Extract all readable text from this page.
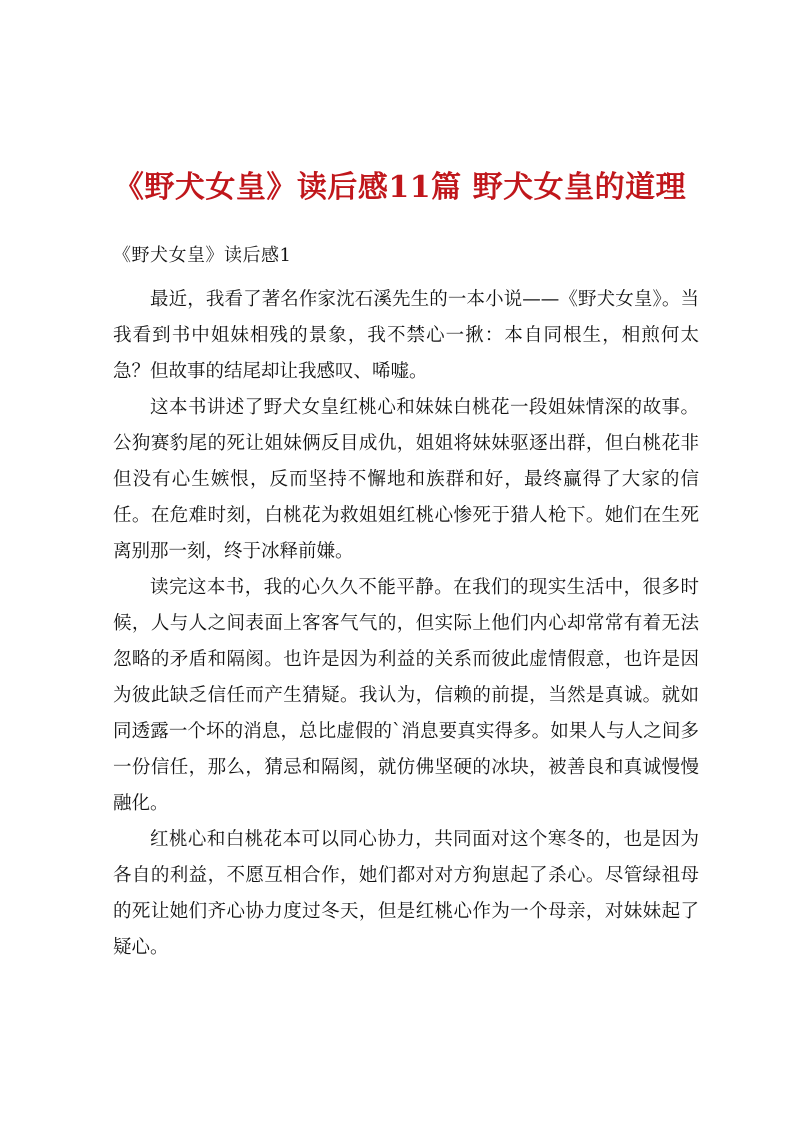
《野犬女皇》读后感11篇 野犬女皇的道理
《野犬女皇》读后感1

最近，我看了著名作家沈石溪先生的一本小说——《野犬女皇》。当我看到书中姐妹相残的景象，我不禁心一揪：本自同根生，相煎何太急？但故事的结尾却让我感叹、唏嘘。

这本书讲述了野犬女皇红桃心和妹妹白桃花一段姐妹情深的故事。公狗赛豹尾的死让姐妹俩反目成仇，姐姐将妹妹驱逐出群，但白桃花非但没有心生嫉恨，反而坚持不懈地和族群和好，最终赢得了大家的信任。在危难时刻，白桃花为救姐姐红桃心惨死于猎人枪下。她们在生死离别那一刻，终于冰释前嫌。

读完这本书，我的心久久不能平静。在我们的现实生活中，很多时候，人与人之间表面上客客气气的，但实际上他们内心却常常有着无法忽略的矛盾和隔阂。也许是因为利益的关系而彼此虚情假意，也许是因为彼此缺乏信任而产生猜疑。我认为，信赖的前提，当然是真诚。就如同透露一个坏的消息，总比虚假的`消息要真实得多。如果人与人之间多一份信任，那么，猜忌和隔阂，就仿佛坚硬的冰块，被善良和真诚慢慢融化。

红桃心和白桃花本可以同心协力，共同面对这个寒冬的，也是因为各自的利益，不愿互相合作，她们都对对方狗崽起了杀心。尽管绿祖母的死让她们齐心协力度过冬天，但是红桃心作为一个母亲，对妹妹起了疑心。
